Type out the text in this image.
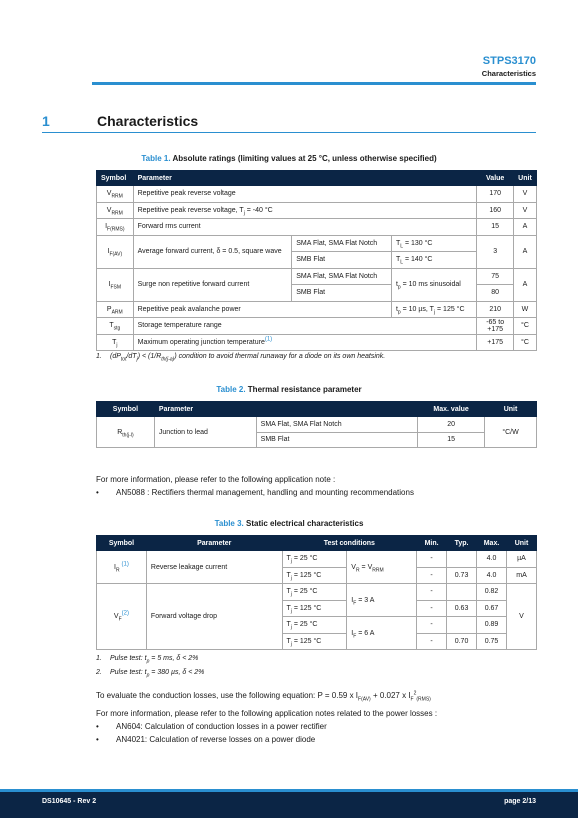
STPS3170
Characteristics
1	Characteristics
Table 1. Absolute ratings (limiting values at 25 °C, unless otherwise specified)
Symbol	Parameter			Value	Unit
$V_{RRM}$	Repetitive peak reverse voltage			170	V
$V_{RRM}$	Repetitive peak reverse voltage, $T_j = -40$ °C			160	V
$I_{F(RMS)}$	Forward rms current			15	A
$I_{F(AV)}$	Average forward current, δ = 0.5, square wave	SMA Flat, SMA Flat Notch	$T_L = 130$ °C	3	A
		SMB Flat	$T_L = 140$ °C		
$I_{FSM}$	Surge non repetitive forward current	SMA Flat, SMA Flat Notch	$t_p = 10$ ms sinusoidal	75	A
		SMB Flat		80	
$P_{ARM}$	Repetitive peak avalanche power		$t_p = 10$ µs, $T_j = 125$ °C	210	W
$T_{stg}$	Storage temperature range			-65 to +175	°C
$T_j$	Maximum operating junction temperature(1)			+175	°C
1. $(dP_{tot}/dT_j) < (1/R_{th(j-a)})$ condition to avoid thermal runaway for a diode on its own heatsink.
Table 2. Thermal resistance parameter
Symbol	Parameter		Max. value	Unit
$R_{th(j-l)}$	Junction to lead	SMA Flat, SMA Flat Notch	20	°C/W
		SMB Flat	15	
For more information, please refer to the following application note :
• AN5088 : Rectifiers thermal management, handling and mounting recommendations
Table 3. Static electrical characteristics
Symbol	Parameter	Test conditions		Min.	Typ.	Max.	Unit
$I_R$ (1)	Reverse leakage current	$T_j = 25$ °C	$V_R = V_{RRM}$	-		4.0	µA
		$T_j = 125$ °C		-	0.73	4.0	mA
$V_F(2)$	Forward voltage drop	$T_j = 25$ °C	$I_F = 3$ A	-		0.82	V
		$T_j = 125$ °C		-	0.63	0.67	
		$T_j = 25$ °C	$I_F = 6$ A	-		0.89	
		$T_j = 125$ °C		-	0.70	0.75	
1. Pulse test: $t_p = 5$ ms, δ < 2%
2. Pulse test: $t_p = 380$ µs, δ < 2%
To evaluate the conduction losses, use the following equation: P = 0.59 x $I_{F(AV)} + 0.027$ x $I_F^2_{(RMS)}$
For more information, please refer to the following application notes related to the power losses :
• AN604: Calculation of conduction losses in a power rectifier
• AN4021: Calculation of reverse losses on a power diode
DS10645 - Rev 2	page 2/13
